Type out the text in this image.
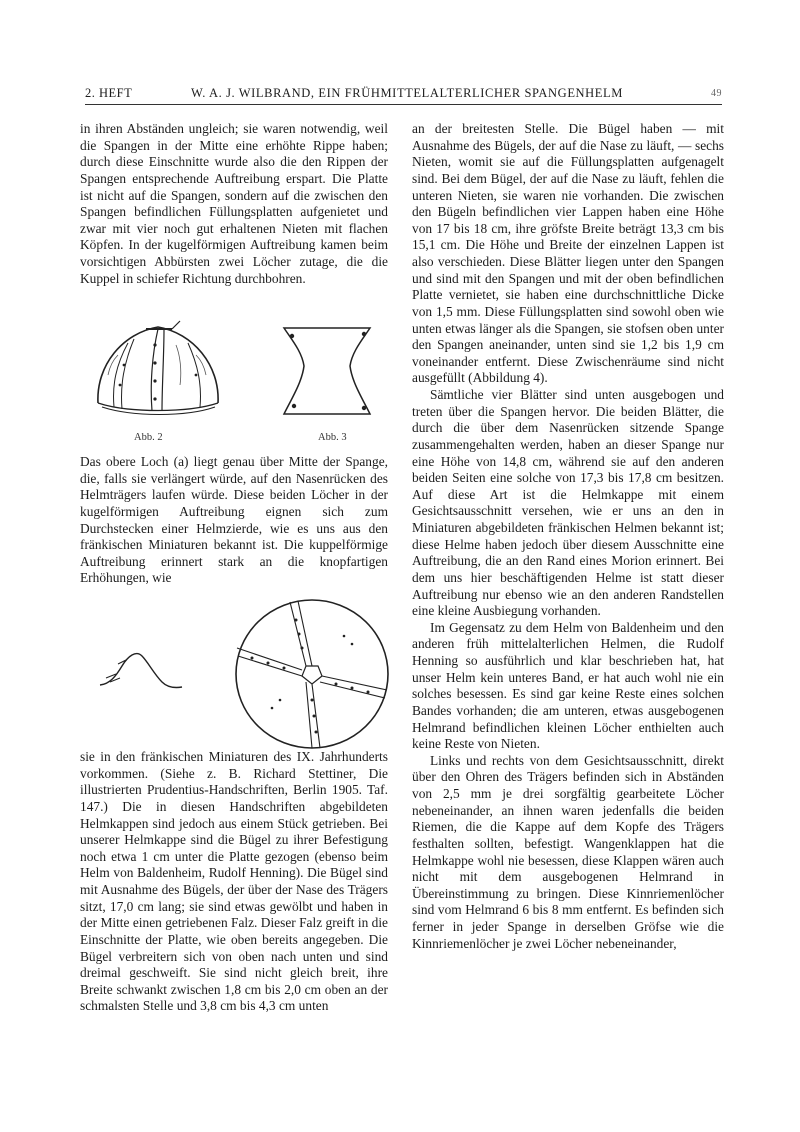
2. HEFT	W. A. J. WILBRAND, EIN FRÜHMITTELALTERLICHER SPANGENHELM	49

in ihren Abständen ungleich; sie waren notwendig, weil die Spangen in der Mitte eine erhöhte Rippe haben; durch diese Einschnitte wurde also die den Rippen der Spangen entsprechende Auftreibung erspart. Die Platte ist nicht auf die Spangen, sondern auf die zwischen den Spangen befindlichen Füllungsplatten aufgenietet und zwar mit vier noch gut erhaltenen Nieten mit flachen Köpfen. In der kugelförmigen Auftreibung kamen beim vorsichtigen Abbürsten zwei Löcher zutage, die die Kuppel in schiefer Richtung durchbohren.

Abb. 2	Abb. 3

Das obere Loch (a) liegt genau über Mitte der Spange, die, falls sie verlängert würde, auf den Nasenrücken des Helmträgers laufen würde. Diese beiden Löcher in der kugelförmigen Auftreibung eignen sich zum Durchstecken einer Helmzierde, wie es uns aus den fränkischen Miniaturen bekannt ist. Die kuppelförmige Auftreibung erinnert stark an die knopfartigen Erhöhungen, wie

sie in den fränkischen Miniaturen des IX. Jahrhunderts vorkommen. (Siehe z. B. Richard Stettiner, Die illustrierten Prudentius-Handschriften, Berlin 1905. Taf. 147.) Die in diesen Handschriften abgebildeten Helmkappen sind jedoch aus einem Stück getrieben. Bei unserer Helmkappe sind die Bügel zu ihrer Befestigung noch etwa 1 cm unter die Platte gezogen (ebenso beim Helm von Baldenheim, Rudolf Henning). Die Bügel sind mit Ausnahme des Bügels, der über der Nase des Trägers sitzt, 17,0 cm lang; sie sind etwas gewölbt und haben in der Mitte einen getriebenen Falz. Dieser Falz greift in die Einschnitte der Platte, wie oben bereits angegeben. Die Bügel verbreitern sich von oben nach unten und sind dreimal geschweift. Sie sind nicht gleich breit, ihre Breite schwankt zwischen 1,8 cm bis 2,0 cm oben an der schmalsten Stelle und 3,8 cm bis 4,3 cm unten

an der breitesten Stelle. Die Bügel haben — mit Ausnahme des Bügels, der auf die Nase zu läuft, — sechs Nieten, womit sie auf die Füllungsplatten aufgenagelt sind. Bei dem Bügel, der auf die Nase zu läuft, fehlen die unteren Nieten, sie waren nie vorhanden. Die zwischen den Bügeln befindlichen vier Lappen haben eine Höhe von 17 bis 18 cm, ihre gröfste Breite beträgt 13,3 cm bis 15,1 cm. Die Höhe und Breite der einzelnen Lappen ist also verschieden. Diese Blätter liegen unter den Spangen und sind mit den Spangen und mit der oben befindlichen Platte vernietet, sie haben eine durchschnittliche Dicke von 1,5 mm. Diese Füllungsplatten sind sowohl oben wie unten etwas länger als die Spangen, sie stofsen oben unter den Spangen aneinander, unten sind sie 1,2 bis 1,9 cm voneinander entfernt. Diese Zwischenräume sind nicht ausgefüllt (Abbildung 4).

Sämtliche vier Blätter sind unten ausgebogen und treten über die Spangen hervor. Die beiden Blätter, die durch die über dem Nasenrücken sitzende Spange zusammengehalten werden, haben an dieser Spange nur eine Höhe von 14,8 cm, während sie auf den anderen beiden Seiten eine solche von 17,3 bis 17,8 cm besitzen. Auf diese Art ist die Helmkappe mit einem Gesichtsausschnitt versehen, wie er uns an den in Miniaturen abgebildeten fränkischen Helmen bekannt ist; diese Helme haben jedoch über diesem Ausschnitte eine Auftreibung, die an den Rand eines Morion erinnert. Bei dem uns hier beschäftigenden Helme ist statt dieser Auftreibung nur ebenso wie an den anderen Randstellen eine kleine Ausbiegung vorhanden.

Im Gegensatz zu dem Helm von Baldenheim und den anderen früh mittelalterlichen Helmen, die Rudolf Henning so ausführlich und klar beschrieben hat, hat unser Helm kein unteres Band, er hat auch wohl nie ein solches besessen. Es sind gar keine Reste eines solchen Bandes vorhanden; die am unteren, etwas ausgebogenen Helmrand befindlichen kleinen Löcher enthielten auch keine Reste von Nieten.

Links und rechts von dem Gesichtsausschnitt, direkt über den Ohren des Trägers befinden sich in Abständen von 2,5 mm je drei sorgfältig gearbeitete Löcher nebeneinander, an ihnen waren jedenfalls die beiden Riemen, die die Kappe auf dem Kopfe des Trägers festhalten sollten, befestigt. Wangenklappen hat die Helmkappe wohl nie besessen, diese Klappen wären auch nicht mit dem ausgebogenen Helmrand in Übereinstimmung zu bringen. Diese Kinnriemenlöcher sind vom Helmrand 6 bis 8 mm entfernt. Es befinden sich ferner in jeder Spange in derselben Gröfse wie die Kinnriemenlöcher je zwei Löcher nebeneinander,
